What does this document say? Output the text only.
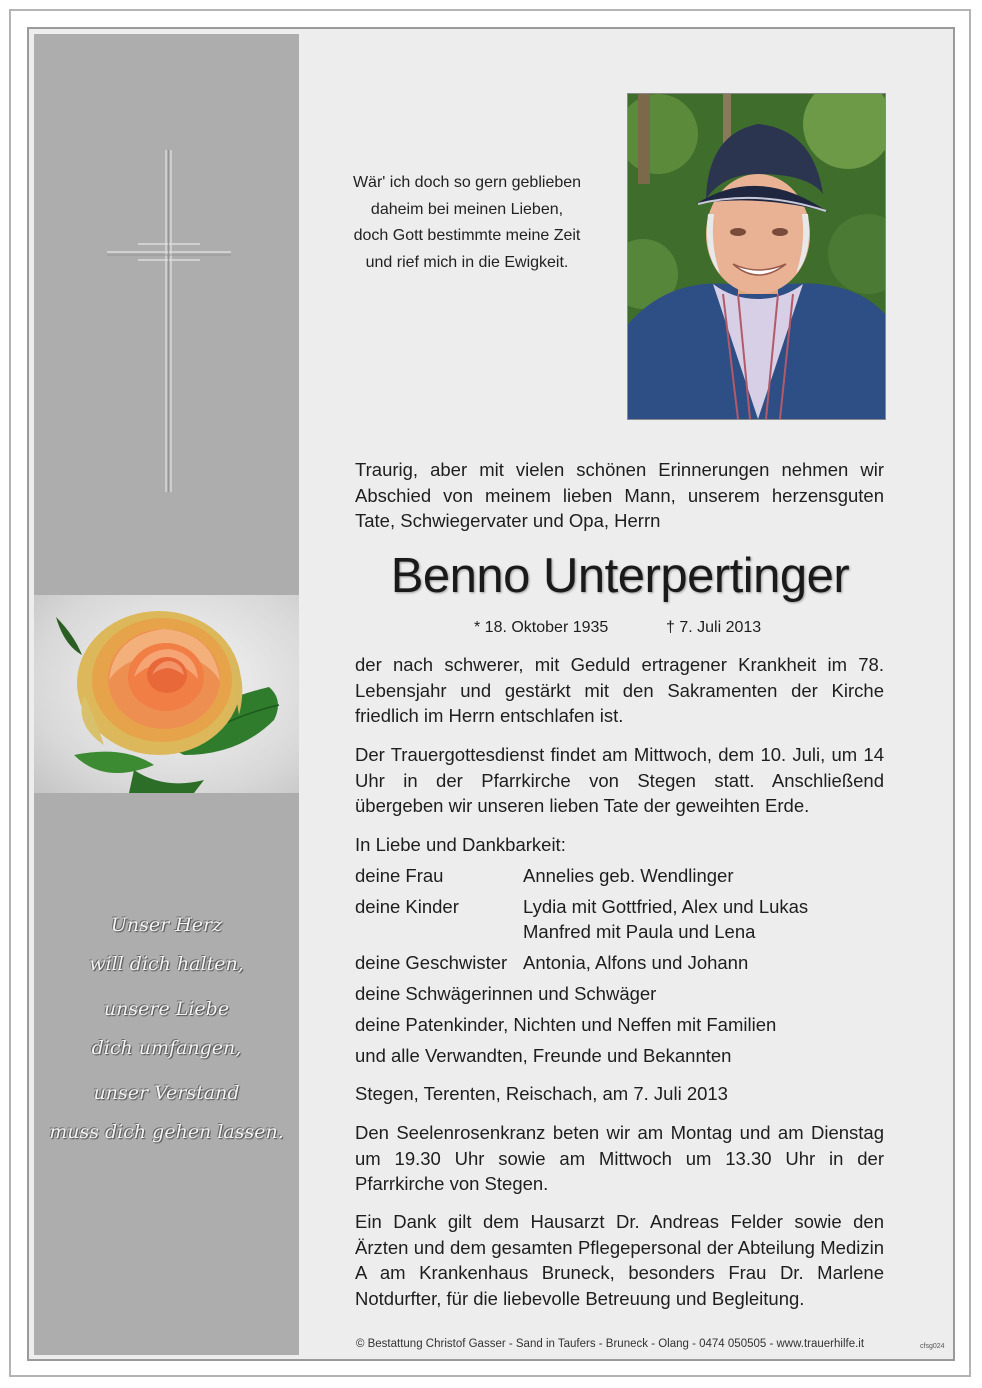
Unser Herz
will dich halten,
unsere Liebe
dich umfangen,
unser Verstand
muss dich gehen lassen.
Wär' ich doch so gern geblieben
daheim bei meinen Lieben,
doch Gott bestimmte meine Zeit
und rief mich in die Ewigkeit.
Traurig, aber mit vielen schönen Erinnerungen nehmen wir Abschied von meinem lieben Mann, unserem herzensguten Tate, Schwiegervater und Opa, Herrn
Benno Unterpertinger
* 18. Oktober 1935	† 7. Juli 2013
der nach schwerer, mit Geduld ertragener Krankheit im 78. Lebensjahr und gestärkt mit den Sakramenten der Kirche friedlich im Herrn entschlafen ist.
Der Trauergottesdienst findet am Mittwoch, dem 10. Juli, um 14 Uhr in der Pfarrkirche von Stegen statt. Anschließend übergeben wir unseren lieben Tate der geweihten Erde.
In Liebe und Dankbarkeit:
deine Frau	Annelies geb. Wendlinger
deine Kinder	Lydia mit Gottfried, Alex und Lukas
Manfred mit Paula und Lena
deine Geschwister Antonia, Alfons und Johann
deine Schwägerinnen und Schwäger
deine Patenkinder, Nichten und Neffen mit Familien
und alle Verwandten, Freunde und Bekannten
Stegen, Terenten, Reischach, am 7. Juli 2013
Den Seelenrosenkranz beten wir am Montag und am Dienstag um 19.30 Uhr sowie am Mittwoch um 13.30 Uhr in der Pfarrkirche von Stegen.
Ein Dank gilt dem Hausarzt Dr. Andreas Felder sowie den Ärzten und dem gesamten Pflegepersonal der Abteilung Medizin A am Krankenhaus Bruneck, besonders Frau Dr. Marlene Notdurfter, für die liebevolle Betreuung und Begleitung.
© Bestattung Christof Gasser - Sand in Taufers - Bruneck - Olang - 0474 050505 - www.trauerhilfe.it	cfsg024
